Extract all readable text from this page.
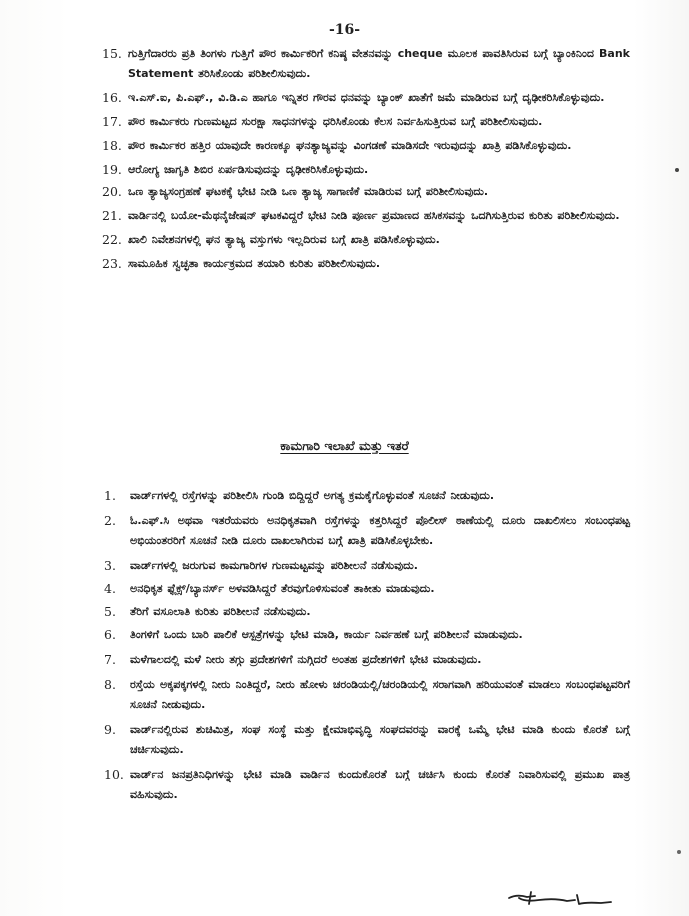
-16-
15. ಗುತ್ತಿಗೆದಾರರು ಪ್ರತಿ ತಿಂಗಳು ಗುತ್ತಿಗೆ ಪೌರ ಕಾರ್ಮಿಕರಿಗೆ ಕನಿಷ್ಠ ವೇತನವನ್ನು cheque ಮೂಲಕ ಪಾವತಿಸಿರುವ ಬಗ್ಗೆ ಬ್ಯಾಂಕಿನಿಂದ Bank Statement ತರಿಸಿಕೊಂಡು ಪರಿಶೀಲಿಸುವುದು.
16. ಇ.ಎಸ್.ಐ, ಪಿ.ಎಫ್., ವಿ.ಡಿ.ಎ ಹಾಗೂ ಇನ್ನಿತರ ಗೌರವ ಧನವನ್ನು ಬ್ಯಾಂಕ್ ಖಾತೆಗೆ ಜಮೆ ಮಾಡಿರುವ ಬಗ್ಗೆ ದೃಢೀಕರಿಸಿಕೊಳ್ಳುವುದು.
17. ಪೌರ ಕಾರ್ಮಿಕರು ಗುಣಮಟ್ಟದ ಸುರಕ್ಷಾ ಸಾಧನಗಳನ್ನು ಧರಿಸಿಕೊಂಡು ಕೆಲಸ ನಿರ್ವಹಿಸುತ್ತಿರುವ ಬಗ್ಗೆ ಪರಿಶೀಲಿಸುವುದು.
18. ಪೌರ ಕಾರ್ಮಿಕರ ಹತ್ತಿರ ಯಾವುದೇ ಕಾರಣಕ್ಕೂ ಘನತ್ಯಾಜ್ಯವನ್ನು ವಿಂಗಡಣೆ ಮಾಡಿಸದೇ ಇರುವುದನ್ನು ಖಾತ್ರಿ ಪಡಿಸಿಕೊಳ್ಳುವುದು.
19. ಆರೋಗ್ಯ ಜಾಗೃತಿ ಶಿಬಿರ ಏರ್ಪಡಿಸುವುದನ್ನು ದೃಢೀಕರಿಸಿಕೊಳ್ಳುವುದು.
20. ಒಣ ತ್ಯಾಜ್ಯಸಂಗ್ರಹಣೆ ಘಟಕಕ್ಕೆ ಭೇಟಿ ನೀಡಿ ಒಣ ತ್ಯಾಜ್ಯ ಸಾಗಾಣಿಕೆ ಮಾಡಿರುವ ಬಗ್ಗೆ ಪರಿಶೀಲಿಸುವುದು.
21. ವಾರ್ಡಿನಲ್ಲಿ ಬಯೋ-ಮೆಥನೈಜೇಷನ್ ಘಟಕವಿದ್ದರೆ ಭೇಟಿ ನೀಡಿ ಪೂರ್ಣ ಪ್ರಮಾಣದ ಹಸಿಕಸವನ್ನು ಒದಗಿಸುತ್ತಿರುವ ಕುರಿತು ಪರಿಶೀಲಿಸುವುದು.
22. ಖಾಲಿ ನಿವೇಶನಗಳಲ್ಲಿ ಘನ ತ್ಯಾಜ್ಯ ವಸ್ತುಗಳು ಇಲ್ಲದಿರುವ ಬಗ್ಗೆ ಖಾತ್ರಿ ಪಡಿಸಿಕೊಳ್ಳುವುದು.
23. ಸಾಮೂಹಿಕ ಸ್ವಚ್ಛತಾ ಕಾರ್ಯಕ್ರಮದ ತಯಾರಿ ಕುರಿತು ಪರಿಶೀಲಿಸುವುದು.
ಕಾಮಗಾರಿ ಇಲಾಖೆ ಮತ್ತು ಇತರೆ
1. ವಾರ್ಡ್‌ಗಳಲ್ಲಿ ರಸ್ತೆಗಳನ್ನು ಪರಿಶೀಲಿಸಿ ಗುಂಡಿ ಬಿದ್ದಿದ್ದರೆ ಅಗತ್ಯ ಕ್ರಮಕೈಗೊಳ್ಳುವಂತೆ ಸೂಚನೆ ನೀಡುವುದು.
2. ಓ.ಎಫ್.ಸಿ ಅಥವಾ ಇತರೆಯವರು ಅನಧಿಕೃತವಾಗಿ ರಸ್ತೆಗಳನ್ನು ಕತ್ತರಿಸಿದ್ದರೆ ಪೊಲೀಸ್ ಠಾಣೆಯಲ್ಲಿ ದೂರು ದಾಖಲಿಸಲು ಸಂಬಂಧಪಟ್ಟ ಅಭಿಯಂತರರಿಗೆ ಸೂಚನೆ ನೀಡಿ ದೂರು ದಾಖಲಾಗಿರುವ ಬಗ್ಗೆ ಖಾತ್ರಿ ಪಡಿಸಿಕೊಳ್ಳಬೇಕು.
3. ವಾರ್ಡ್‌ಗಳಲ್ಲಿ ಜರುಗುವ ಕಾಮಗಾರಿಗಳ ಗುಣಮಟ್ಟವನ್ನು ಪರಿಶೀಲನೆ ನಡೆಸುವುದು.
4. ಅನಧಿಕೃತ ಫ್ಲೆಕ್ಸ್/ಬ್ಯಾನರ್ಸ್ ಅಳವಡಿಸಿದ್ದರೆ ತೆರವುಗೊಳಿಸುವಂತೆ ತಾಕೀತು ಮಾಡುವುದು.
5. ತೆರಿಗೆ ವಸೂಲಾತಿ ಕುರಿತು ಪರಿಶೀಲನೆ ನಡೆಸುವುದು.
6. ತಿಂಗಳಿಗೆ ಒಂದು ಬಾರಿ ಪಾಲಿಕೆ ಆಸ್ಪತ್ರೆಗಳನ್ನು ಭೇಟಿ ಮಾಡಿ, ಕಾರ್ಯ ನಿರ್ವಹಣೆ ಬಗ್ಗೆ ಪರಿಶೀಲನೆ ಮಾಡುವುದು.
7. ಮಳೆಗಾಲದಲ್ಲಿ ಮಳೆ ನೀರು ತಗ್ಗು ಪ್ರದೇಶಗಳಿಗೆ ನುಗ್ಗಿದರೆ ಅಂತಹ ಪ್ರದೇಶಗಳಿಗೆ ಭೇಟಿ ಮಾಡುವುದು.
8. ರಸ್ತೆಯ ಅಕ್ಕಪಕ್ಕಗಳಲ್ಲಿ ನೀರು ನಿಂತಿದ್ದರೆ, ನೀರು ಹೋಳು ಚರಂಡಿಯಲ್ಲಿ/ಚರಂಡಿಯಲ್ಲಿ ಸರಾಗವಾಗಿ ಹರಿಯುವಂತೆ ಮಾಡಲು ಸಂಬಂಧಪಟ್ಟವರಿಗೆ ಸೂಚನೆ ನೀಡುವುದು.
9. ವಾರ್ಡ್‌ನಲ್ಲಿರುವ ಶುಚಿಮಿತ್ರ, ಸಂಘ ಸಂಸ್ಥೆ ಮತ್ತು ಕ್ಷೇಮಾಭಿವೃದ್ಧಿ ಸಂಘದವರನ್ನು ವಾರಕ್ಕೆ ಒಮ್ಮೆ ಭೇಟಿ ಮಾಡಿ ಕುಂದು ಕೊರತೆ ಬಗ್ಗೆ ಚರ್ಚಿಸುವುದು.
10. ವಾರ್ಡ್‌ನ ಜನಪ್ರತಿನಿಧಿಗಳನ್ನು ಭೇಟಿ ಮಾಡಿ ವಾರ್ಡಿನ ಕುಂದುಕೊರತೆ ಬಗ್ಗೆ ಚರ್ಚಿಸಿ ಕುಂದು ಕೊರತೆ ನಿವಾರಿಸುವಲ್ಲಿ ಪ್ರಮುಖ ಪಾತ್ರ ವಹಿಸುವುದು.
